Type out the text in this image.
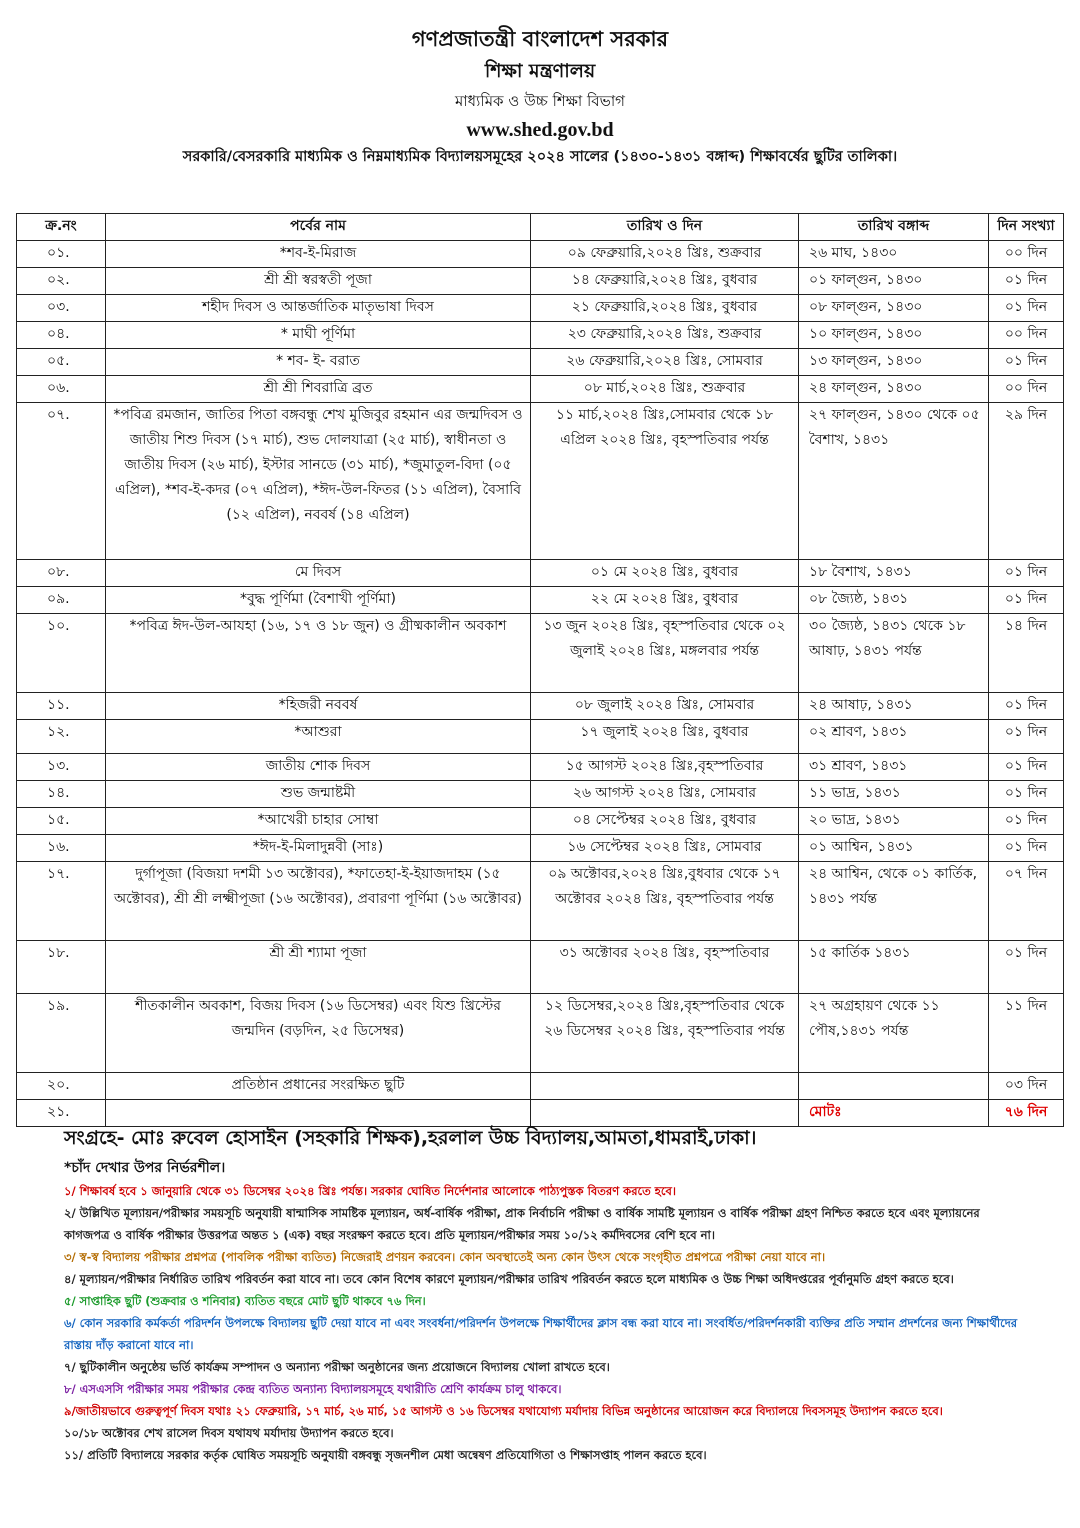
গণপ্রজাতন্ত্রী বাংলাদেশ সরকার
শিক্ষা মন্ত্রণালয়
মাধ্যমিক ও উচ্চ শিক্ষা বিভাগ
www.shed.gov.bd
সরকারি/বেসরকারি মাধ্যমিক ও নিম্নমাধ্যমিক বিদ্যালয়সমূহের ২০২৪ সালের (১৪৩০-১৪৩১ বঙ্গাব্দ) শিক্ষাবর্ষের ছুটির তালিকা।
ক্র.নং	পর্বের নাম	তারিখ ও দিন	তারিখ বঙ্গাব্দ	দিন সংখ্যা
০১.	*শব-ই-মিরাজ	০৯ ফেব্রুয়ারি,২০২৪ খ্রিঃ, শুক্রবার	২৬ মাঘ, ১৪৩০	০০ দিন
০২.	শ্রী শ্রী স্বরস্বতী পূজা	১৪ ফেব্রুয়ারি,২০২৪ খ্রিঃ, বুধবার	০১ ফাল্গুন, ১৪৩০	০১ দিন
০৩.	শহীদ দিবস ও আন্তর্জাতিক মাতৃভাষা দিবস	২১ ফেব্রুয়ারি,২০২৪ খ্রিঃ, বুধবার	০৮ ফাল্গুন, ১৪৩০	০১ দিন
০৪.	* মাঘী পূর্ণিমা	২৩ ফেব্রুয়ারি,২০২৪ খ্রিঃ, শুক্রবার	১০ ফাল্গুন, ১৪৩০	০০ দিন
০৫.	* শব- ই- বরাত	২৬ ফেব্রুয়ারি,২০২৪ খ্রিঃ, সোমবার	১৩ ফাল্গুন, ১৪৩০	০১ দিন
০৬.	শ্রী শ্রী শিবরাত্রি ব্রত	০৮ মার্চ,২০২৪ খ্রিঃ, শুক্রবার	২৪ ফাল্গুন, ১৪৩০	০০ দিন
০৭.	*পবিত্র রমজান, জাতির পিতা বঙ্গবন্ধু শেখ মুজিবুর রহমান এর জন্মদিবস ও জাতীয় শিশু দিবস (১৭ মার্চ), শুভ দোলযাত্রা (২৫ মার্চ), স্বাধীনতা ও জাতীয় দিবস (২৬ মার্চ), ইস্টার সানডে (৩১ মার্চ), *জুমাতুল-বিদা (০৫ এপ্রিল), *শব-ই-কদর (০৭ এপ্রিল), *ঈদ-উল-ফিতর (১১ এপ্রিল), বৈসাবি (১২ এপ্রিল), নববর্ষ (১৪ এপ্রিল)	১১ মার্চ,২০২৪ খ্রিঃ,সোমবার থেকে ১৮ এপ্রিল ২০২৪ খ্রিঃ, বৃহস্পতিবার পর্যন্ত	২৭ ফাল্গুন, ১৪৩০ থেকে ০৫ বৈশাখ, ১৪৩১	২৯ দিন
০৮.	মে দিবস	০১ মে ২০২৪ খ্রিঃ, বুধবার	১৮ বৈশাখ, ১৪৩১	০১ দিন
০৯.	*বুদ্ধ পূর্ণিমা (বৈশাখী পূর্ণিমা)	২২ মে ২০২৪ খ্রিঃ, বুধবার	০৮ জ্যৈষ্ঠ, ১৪৩১	০১ দিন
১০.	*পবিত্র ঈদ-উল-আযহা (১৬, ১৭ ও ১৮ জুন) ও গ্রীষ্মকালীন অবকাশ	১৩ জুন ২০২৪ খ্রিঃ, বৃহস্পতিবার থেকে ০২ জুলাই ২০২৪ খ্রিঃ, মঙ্গলবার পর্যন্ত	৩০ জ্যৈষ্ঠ, ১৪৩১ থেকে ১৮ আষাঢ়, ১৪৩১ পর্যন্ত	১৪ দিন
১১.	*হিজরী নববর্ষ	০৮ জুলাই ২০২৪ খ্রিঃ, সোমবার	২৪ আষাঢ়, ১৪৩১	০১ দিন
১২.	*আশুরা	১৭ জুলাই ২০২৪ খ্রিঃ, বুধবার	০২ শ্রাবণ, ১৪৩১	০১ দিন
১৩.	জাতীয় শোক দিবস	১৫ আগস্ট ২০২৪ খ্রিঃ,বৃহস্পতিবার	৩১ শ্রাবণ, ১৪৩১	০১ দিন
১৪.	শুভ জন্মাষ্টমী	২৬ আগস্ট ২০২৪ খ্রিঃ, সোমবার	১১ ভাদ্র, ১৪৩১	০১ দিন
১৫.	*আখেরী চাহার সোম্বা	০৪ সেপ্টেম্বর ২০২৪ খ্রিঃ, বুধবার	২০ ভাদ্র, ১৪৩১	০১ দিন
১৬.	*ঈদ-ই-মিলাদুন্নবী (সাঃ)	১৬ সেপ্টেম্বর ২০২৪ খ্রিঃ, সোমবার	০১ আশ্বিন, ১৪৩১	০১ দিন
১৭.	দুর্গাপূজা (বিজয়া দশমী ১৩ অক্টোবর), *ফাতেহা-ই-ইয়াজদাহম (১৫ অক্টোবর), শ্রী শ্রী লক্ষ্মীপূজা (১৬ অক্টোবর), প্রবারণা পূর্ণিমা (১৬ অক্টোবর)	০৯ অক্টোবর,২০২৪ খ্রিঃ,বুধবার থেকে ১৭ অক্টোবর ২০২৪ খ্রিঃ, বৃহস্পতিবার পর্যন্ত	২৪ আশ্বিন, থেকে ০১ কার্তিক, ১৪৩১ পর্যন্ত	০৭ দিন
১৮.	শ্রী শ্রী শ্যামা পূজা	৩১ অক্টোবর ২০২৪ খ্রিঃ, বৃহস্পতিবার	১৫ কার্তিক ১৪৩১	০১ দিন
১৯.	শীতকালীন অবকাশ, বিজয় দিবস (১৬ ডিসেম্বর) এবং যিশু খ্রিস্টের জন্মদিন (বড়দিন, ২৫ ডিসেম্বর)	১২ ডিসেম্বর,২০২৪ খ্রিঃ,বৃহস্পতিবার থেকে ২৬ ডিসেম্বর ২০২৪ খ্রিঃ, বৃহস্পতিবার পর্যন্ত	২৭ অগ্রহায়ণ থেকে ১১ পৌষ,১৪৩১ পর্যন্ত	১১ দিন
২০.	প্রতিষ্ঠান প্রধানের সংরক্ষিত ছুটি			০৩ দিন
২১.			মোটঃ	৭৬ দিন
সংগ্রহে- মোঃ রুবেল হোসাইন (সহকারি শিক্ষক),হরলাল উচ্চ বিদ্যালয়,আমতা,ধামরাই,ঢাকা।
*চাঁদ দেখার উপর নির্ভরশীল।
১/ শিক্ষাবর্ষ হবে ১ জানুয়ারি থেকে ৩১ ডিসেম্বর ২০২৪ খ্রিঃ পর্যন্ত। সরকার ঘোষিত নির্দেশনার আলোকে পাঠ্যপুস্তক বিতরণ করতে হবে।
২/ উল্লিখিত মূল্যায়ন/পরীক্ষার সময়সূচি অনুযায়ী ষান্মাসিক সামষ্টিক মূল্যায়ন, অর্ধ-বার্ষিক পরীক্ষা, প্রাক নির্বাচনি পরীক্ষা ও বার্ষিক সামষ্টি মূল্যায়ন ও বার্ষিক পরীক্ষা গ্রহণ নিশ্চিত করতে হবে এবং মূল্যায়নের কাগজপত্র ও বার্ষিক পরীক্ষার উত্তরপত্র অন্তত ১ (এক) বছর সংরক্ষণ করতে হবে। প্রতি মূল্যায়ন/পরীক্ষার সময় ১০/১২ কর্মদিবসের বেশি হবে না।
৩/ স্ব-স্ব বিদ্যালয় পরীক্ষার প্রশ্নপত্র (পাবলিক পরীক্ষা ব্যতিত) নিজেরাই প্রণয়ন করবেন। কোন অবস্থাতেই অন্য কোন উৎস থেকে সংগৃহীত প্রশ্নপত্রে পরীক্ষা নেয়া যাবে না।
৪/ মূল্যায়ন/পরীক্ষার নির্ধারিত তারিখ পরিবর্তন করা যাবে না। তবে কোন বিশেষ কারণে মূল্যায়ন/পরীক্ষার তারিখ পরিবর্তন করতে হলে মাধ্যমিক ও উচ্চ শিক্ষা অধিদপ্তরের পূর্বানুমতি গ্রহণ করতে হবে।
৫/ সাপ্তাহিক ছুটি (শুক্রবার ও শনিবার) ব্যতিত বছরে মোট ছুটি থাকবে ৭৬ দিন।
৬/ কোন সরকারি কর্মকর্তা পরিদর্শন উপলক্ষে বিদ্যালয় ছুটি দেয়া যাবে না এবং সংবর্ধনা/পরিদর্শন উপলক্ষে শিক্ষার্থীদের ক্লাস বন্ধ করা যাবে না। সংবর্ধিত/পরিদর্শনকারী ব্যক্তির প্রতি সম্মান প্রদর্শনের জন্য শিক্ষার্থীদের রাস্তায় দাঁড় করানো যাবে না।
৭/ ছুটিকালীন অনুষ্ঠেয় ভর্তি কার্যক্রম সম্পাদন ও অন্যান্য পরীক্ষা অনুষ্ঠানের জন্য প্রয়োজনে বিদ্যালয় খোলা রাখতে হবে।
৮/ এসএসসি পরীক্ষার সময় পরীক্ষার কেন্দ্র ব্যতিত অন্যান্য বিদ্যালয়সমূহে যথারীতি শ্রেণি কার্যক্রম চালু থাকবে।
৯/জাতীয়ভাবে গুরুত্বপূর্ণ দিবস যথাঃ ২১ ফেব্রুয়ারি, ১৭ মার্চ, ২৬ মার্চ, ১৫ আগস্ট ও ১৬ ডিসেম্বর যথাযোগ্য মর্যাদায় বিভিন্ন অনুষ্ঠানের আয়োজন করে বিদ্যালয়ে দিবসসমূহ উদ্যাপন করতে হবে।
১০/১৮ অক্টোবর শেখ রাসেল দিবস যথাযথ মর্যাদায় উদ্যাপন করতে হবে।
১১/ প্রতিটি বিদ্যালয়ে সরকার কর্তৃক ঘোষিত সময়সূচি অনুযায়ী বঙ্গবন্ধু সৃজনশীল মেধা অন্বেষণ প্রতিযোগিতা ও শিক্ষাসপ্তাহ পালন করতে হবে।
